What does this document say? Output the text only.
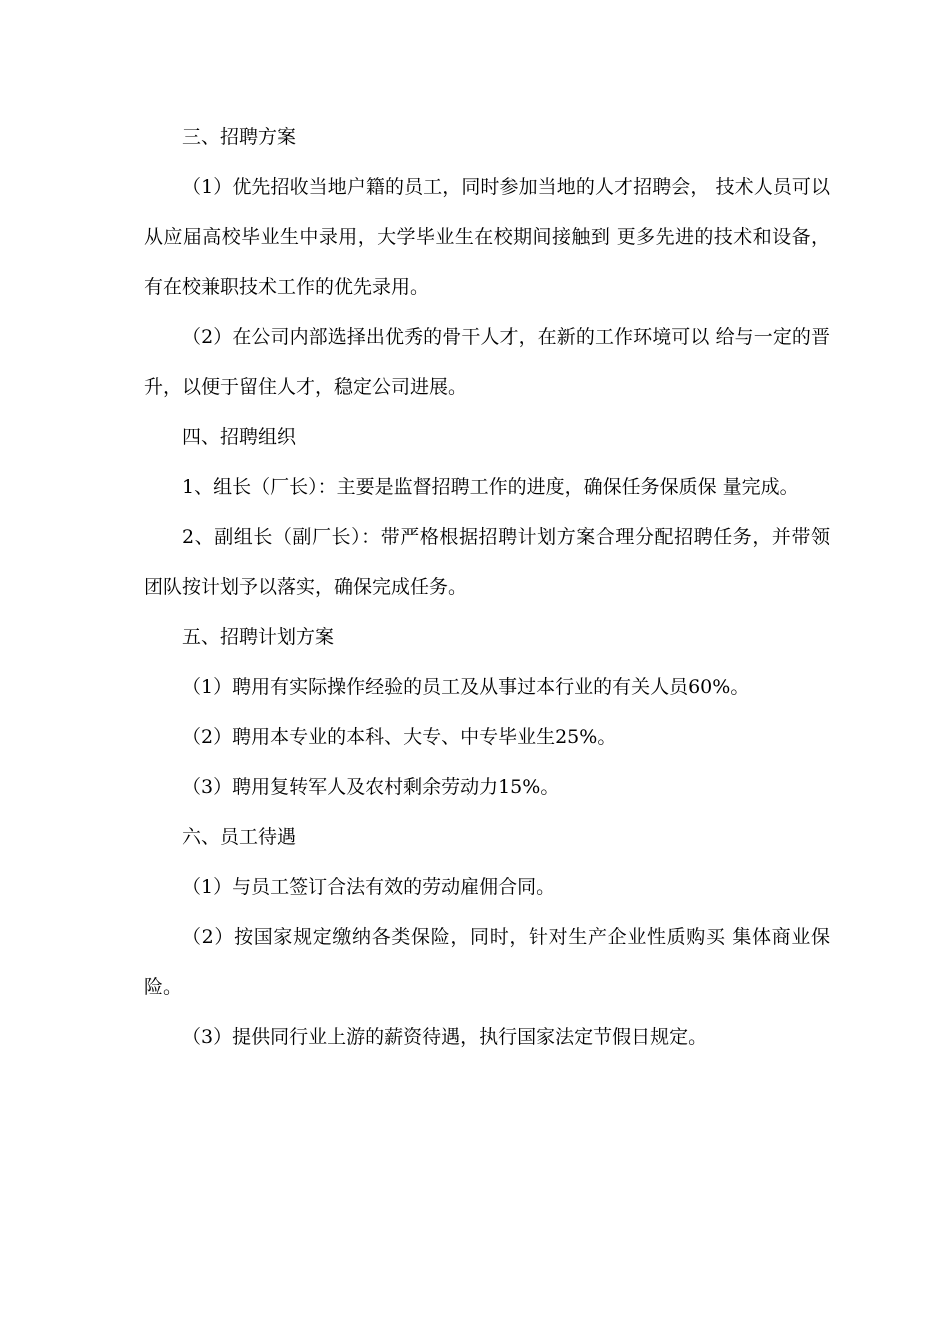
三、招聘方案

（1）优先招收当地户籍的员工，同时参加当地的人才招聘会， 技术人员可以从应届高校毕业生中录用，大学毕业生在校期间接触到 更多先进的技术和设备，有在校兼职技术工作的优先录用。

（2）在公司内部选择出优秀的骨干人才，在新的工作环境可以 给与一定的晋升，以便于留住人才，稳定公司进展。

四、招聘组织

1、组长（厂长）：主要是监督招聘工作的进度，确保任务保质保 量完成。

2、副组长（副厂长）：带严格根据招聘计划方案合理分配招聘任务，并带领团队按计划予以落实，确保完成任务。

五、招聘计划方案

（1）聘用有实际操作经验的员工及从事过本行业的有关人员60%。

（2）聘用本专业的本科、大专、中专毕业生25%。

（3）聘用复转军人及农村剩余劳动力15%。

六、员工待遇

（1）与员工签订合法有效的劳动雇佣合同。

（2）按国家规定缴纳各类保险，同时，针对生产企业性质购买 集体商业保险。

（3）提供同行业上游的薪资待遇，执行国家法定节假日规定。
